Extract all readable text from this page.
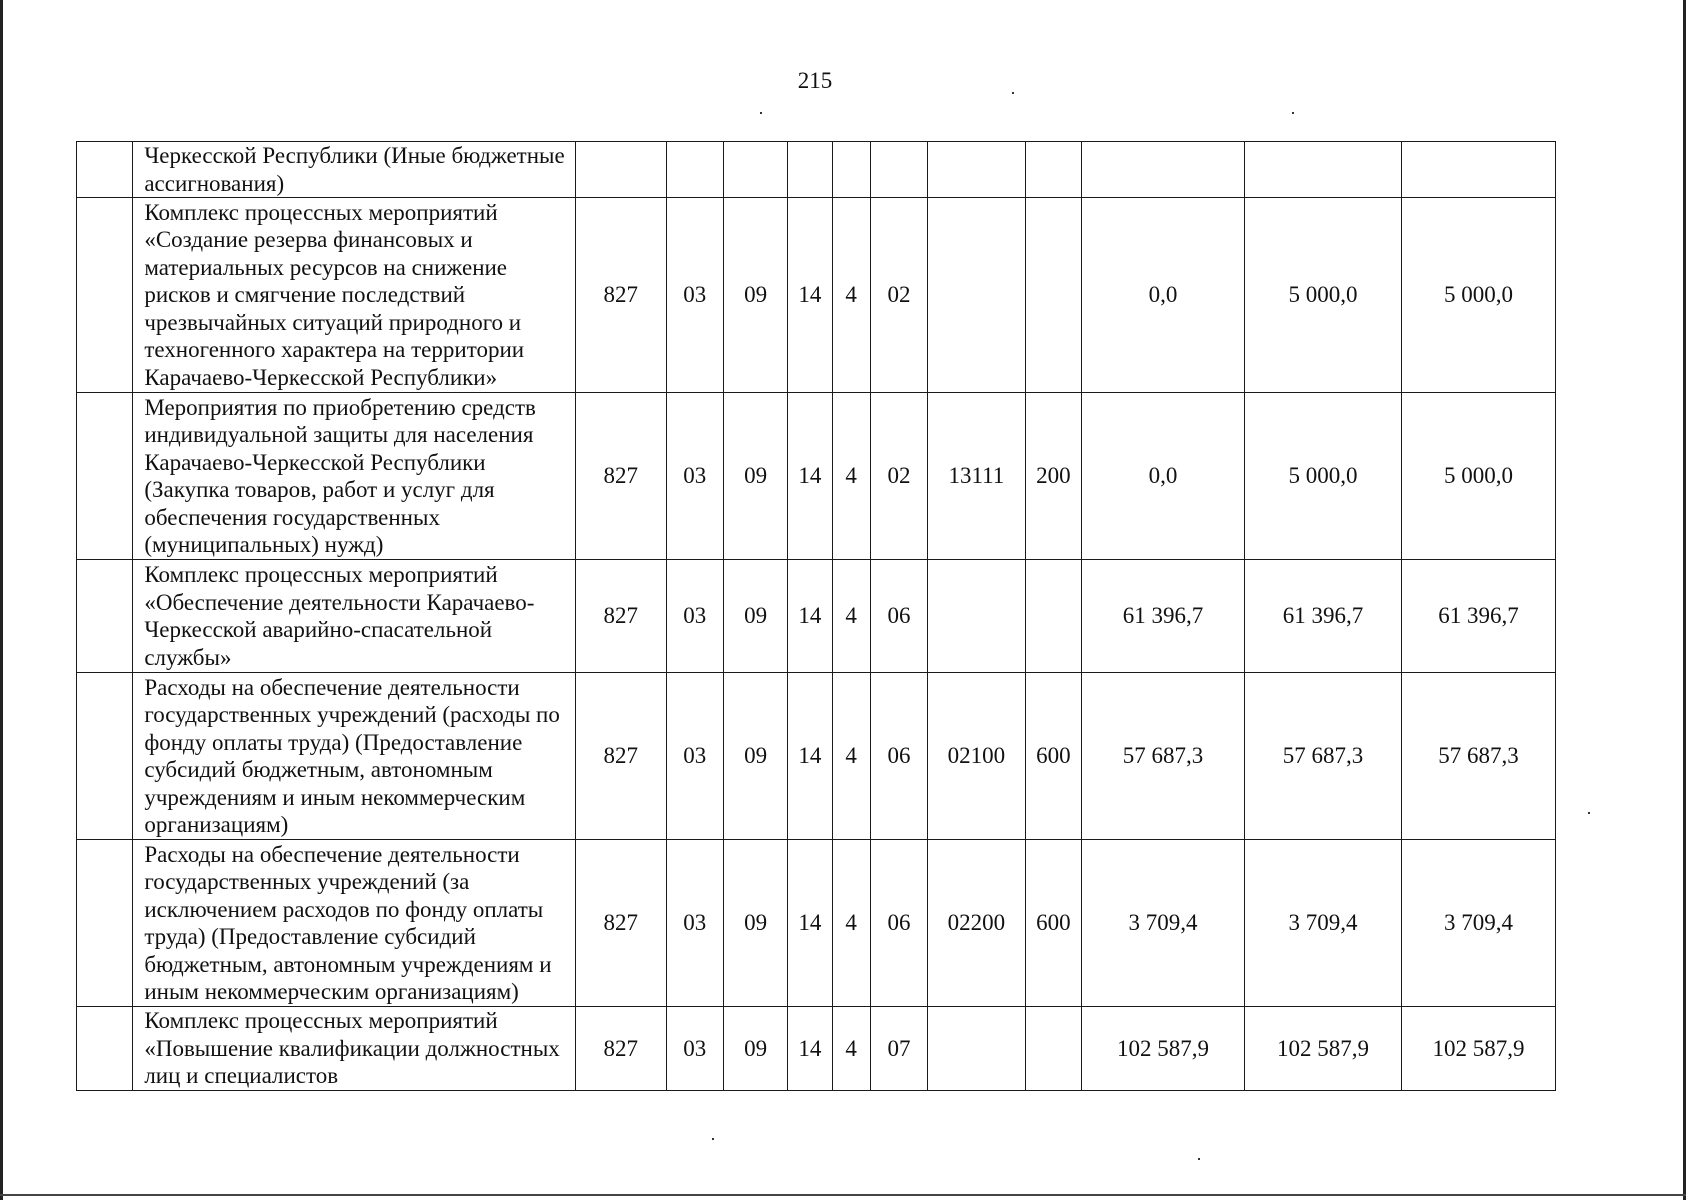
215
	Черкесской Республики (Иные бюджетные ассигнования)											
	Комплекс процессных мероприятий «Создание резерва финансовых и материальных ресурсов на снижение рисков и смягчение последствий чрезвычайных ситуаций природного и техногенного характера на территории Карачаево-Черкесской Республики»	827	03	09	14	4	02			0,0	5 000,0	5 000,0
	Мероприятия по приобретению средств индивидуальной защиты для населения Карачаево-Черкесской Республики (Закупка товаров, работ и услуг для обеспечения государственных (муниципальных) нужд)	827	03	09	14	4	02	13111	200	0,0	5 000,0	5 000,0
	Комплекс процессных мероприятий «Обеспечение деятельности Карачаево-Черкесской аварийно-спасательной службы»	827	03	09	14	4	06			61 396,7	61 396,7	61 396,7
	Расходы на обеспечение деятельности государственных учреждений (расходы по фонду оплаты труда) (Предоставление субсидий бюджетным, автономным учреждениям и иным некоммерческим организациям)	827	03	09	14	4	06	02100	600	57 687,3	57 687,3	57 687,3
	Расходы на обеспечение деятельности государственных учреждений (за исключением расходов по фонду оплаты труда) (Предоставление субсидий бюджетным, автономным учреждениям и иным некоммерческим организациям)	827	03	09	14	4	06	02200	600	3 709,4	3 709,4	3 709,4
	Комплекс процессных мероприятий «Повышение квалификации должностных лиц и специалистов	827	03	09	14	4	07			102 587,9	102 587,9	102 587,9
